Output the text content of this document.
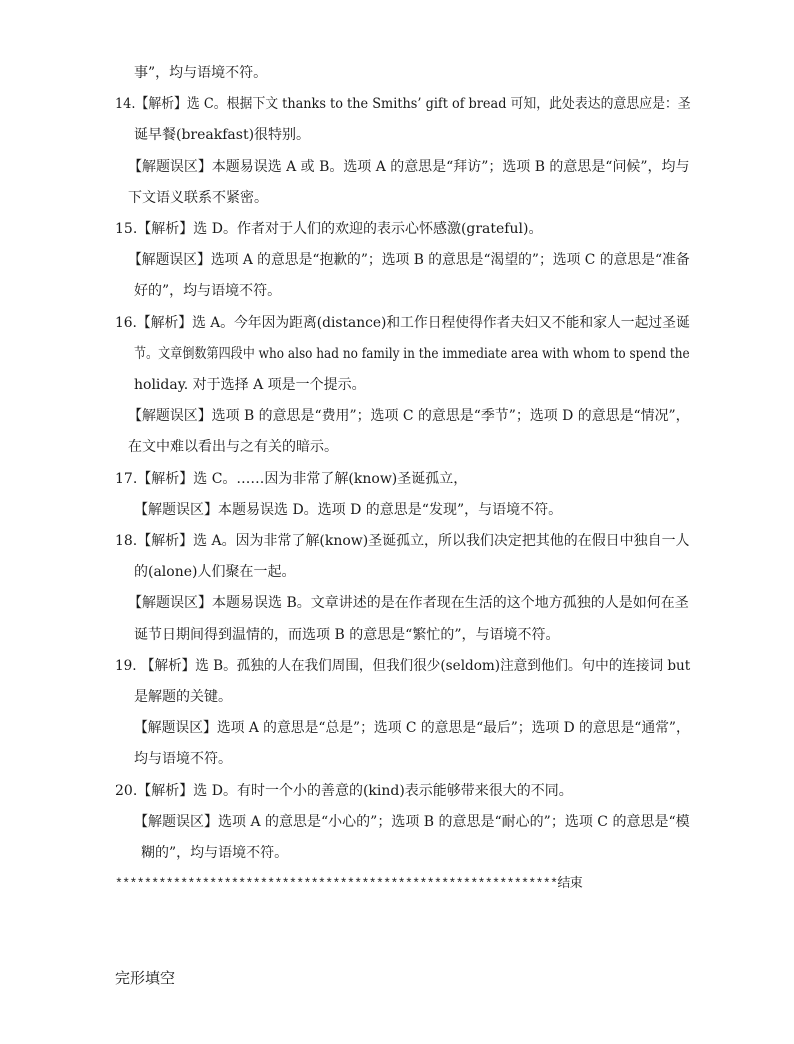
事”，均与语境不符。
14.【解析】选 C。根据下文 thanks to the Smiths’ gift of bread 可知，此处表达的意思应是：圣
诞早餐(breakfast)很特别。
【解题误区】本题易误选 A 或 B。选项 A 的意思是“拜访”；选项 B 的意思是“问候”，均与
下文语义联系不紧密。
15.【解析】选 D。作者对于人们的欢迎的表示心怀感激(grateful)。
【解题误区】选项 A 的意思是“抱歉的”；选项 B 的意思是“渴望的”；选项 C 的意思是“准备
好的”，均与语境不符。
16.【解析】选 A。今年因为距离(distance)和工作日程使得作者夫妇又不能和家人一起过圣诞
节。文章倒数第四段中 who also had no family in the immediate area with whom to spend the
holiday. 对于选择 A 项是一个提示。
【解题误区】选项 B 的意思是“费用”；选项 C 的意思是“季节”；选项 D 的意思是“情况”，
在文中难以看出与之有关的暗示。
17.【解析】选 C。……因为非常了解(know)圣诞孤立，
【解题误区】本题易误选 D。选项 D 的意思是“发现”，与语境不符。
18.【解析】选 A。因为非常了解(know)圣诞孤立，所以我们决定把其他的在假日中独自一人
的(alone)人们聚在一起。
【解题误区】本题易误选 B。文章讲述的是在作者现在生活的这个地方孤独的人是如何在圣
诞节日期间得到温情的，而选项 B 的意思是“繁忙的”，与语境不符。
19. 【解析】选 B。孤独的人在我们周围，但我们很少(seldom)注意到他们。句中的连接词 but
是解题的关键。
【解题误区】选项 A 的意思是“总是”；选项 C 的意思是“最后”；选项 D 的意思是“通常”，
均与语境不符。
20.【解析】选 D。有时一个小的善意的(kind)表示能够带来很大的不同。
【解题误区】选项 A 的意思是“小心的”；选项 B 的意思是“耐心的”；选项 C 的意思是“模
糊的”，均与语境不符。
*************************************************************结束
完形填空
